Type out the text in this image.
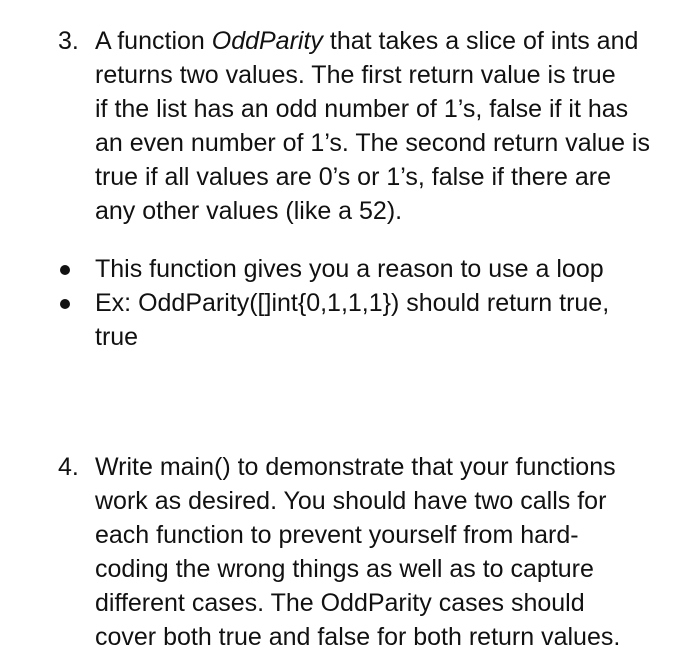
3. A function OddParity that takes a slice of ints and
returns two values. The first return value is true
if the list has an odd number of 1’s, false if it has
an even number of 1’s. The second return value is
true if all values are 0’s or 1’s, false if there are
any other values (like a 52).
This function gives you a reason to use a loop
Ex: OddParity([]int{0,1,1,1}) should return true,
true
4. Write main() to demonstrate that your functions
work as desired. You should have two calls for
each function to prevent yourself from hard-
coding the wrong things as well as to capture
different cases. The OddParity cases should
cover both true and false for both return values.
